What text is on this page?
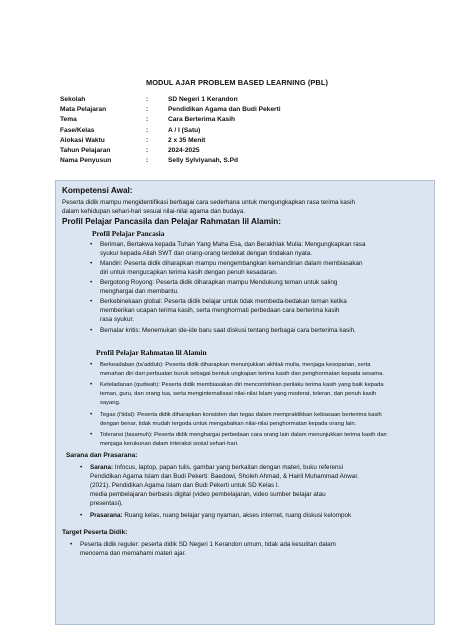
MODUL AJAR PROBLEM BASED LEARNING (PBL)
Sekolah	:	SD Negeri 1 Kerandon
Mata Pelajaran	:	Pendidikan Agama dan Budi Pekerti
Tema	:	Cara Berterima Kasih
Fase/Kelas	:	A / I (Satu)
Alokasi Waktu	:	2 x 35 Menit
Tahun Pelajaran	:	2024-2025
Nama Penyusun	:	Selly Sylviyanah, S.Pd
Kompetensi Awal:
Peserta didik mampu mengidentifikasi berbagai cara sederhana untuk mengungkapkan rasa terima kasih
dalam kehidupan sehari-hari sesuai nilai-nilai agama dan budaya.
Profil Pelajar Pancasila dan Pelajar Rahmatan lil Alamin:
Profil Pelajar Pancasia
• Beriman, Bertakwa kepada Tuhan Yang Maha Esa, dan Berakhlak Mulia: Mengungkapkan rasa
syukur kepada Allah SWT dan orang-orang terdekat dengan tindakan nyata.
• Mandiri: Peserta didik diharapkan mampu mengembangkan kemandirian dalam membiasakan
diri untuk mengucapkan terima kasih dengan penuh kesadaran.
• Bergotong Royong: Peserta didik diharapkan mampu Mendukung teman untuk saling
menghargai dan membantu.
• Berkebinekaan global: Peserta didik belajar untuk tidak membeda-bedakan teman ketika
memberikan ucapan terima kasih, serta menghormati perbedaan cara berterima kasih
rasa syukur.
• Bernalar kritis: Menemukan ide-ide baru saat diskusi tentang berbagai cara berterima kasih.
Profil Pelajar Rahmatan lil Alamin
• Berkeadaban (ta'addub): Peserta didik diharapkan menunjukkan akhlak mulia, menjaga kesopanan, serta
menahan diri dari perbuatan buruk sebagai bentuk ungkapan terima kasih dan penghormatan kepada sesama.
• Keteladanan (qudwah): Peserta didik membiasakan diri mencontohkan perilaku terima kasih yang baik kepada
teman, guru, dan orang tua, serta menginternalisasi nilai-nilai Islam yang moderat, toleran, dan penuh kasih
sayang.
• Tegas (i'tidal): Peserta didik diharapkan konsisten dan tegas dalam mempraktikkan kebiasaan berterima kasih
dengan benar, tidak mudah tergoda untuk mengabaikan nilai-nilai penghormatan kepada orang lain.
• Toleransi (tasamuh): Peserta didik menghargai perbedaan cara orang lain dalam menunjukkan terima kasih dan
menjaga kerukunan dalam interaksi sosial sehari-hari.
Sarana dan Prasarana:
• Sarana: Infocus, laptop, papan tulis, gambar yang berkaitan dengan materi, buku referensi
Pendidikan Agama Islam dan Budi Pekerti: Baedowi, Sholeh Ahmad, & Hairil Muhammad Anwar.
(2021). Pendidikan Agama Islam dan Budi Pekerti untuk SD Kelas I.
media pembelajaran berbasis digital (video pembelajaran, video sumber belajar atau
presentasi).
• Prasarana: Ruang kelas, ruang belajar yang nyaman, akses internet, ruang diskusi kelompok
Target Peserta Didik:
• Peserta didik reguler: peserta didik SD Negeri 1 Kerandon umum, tidak ada kesulitan dalam
mencerna dan memahami materi ajar.
